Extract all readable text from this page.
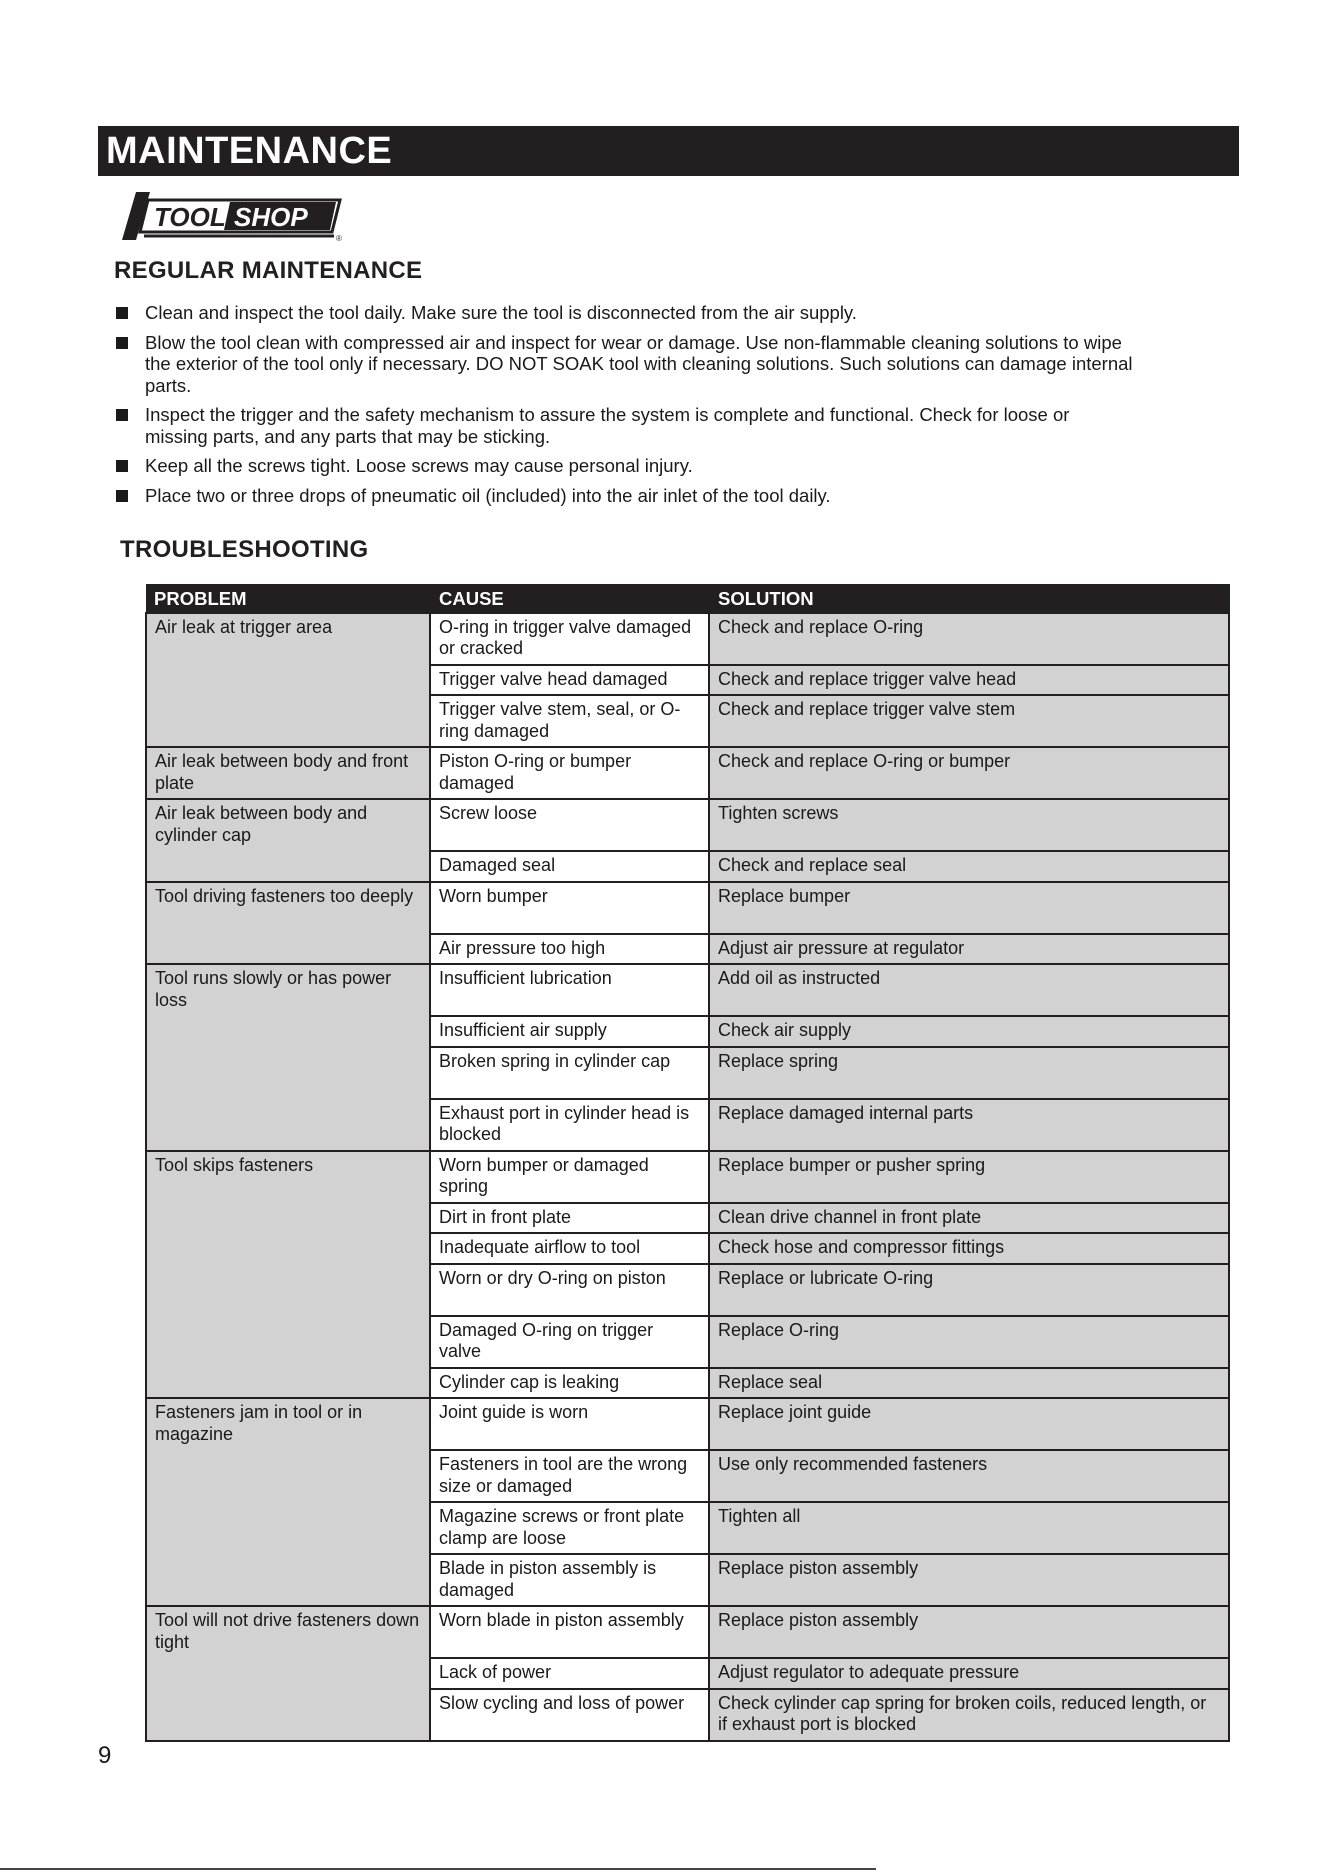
MAINTENANCE
TOOL SHOP
®
REGULAR MAINTENANCE
Clean and inspect the tool daily. Make sure the tool is disconnected from the air supply.
Blow the tool clean with compressed air and inspect for wear or damage. Use non-flammable cleaning solutions to wipe the exterior of the tool only if necessary. DO NOT SOAK tool with cleaning solutions. Such solutions can damage internal parts.
Inspect the trigger and the safety mechanism to assure the system is complete and functional. Check for loose or missing parts, and any parts that may be sticking.
Keep all the screws tight. Loose screws may cause personal injury.
Place two or three drops of pneumatic oil (included) into the air inlet of the tool daily.
TROUBLESHOOTING
PROBLEM	CAUSE	SOLUTION
Air leak at trigger area	O-ring in trigger valve damaged or cracked	Check and replace O-ring
	Trigger valve head damaged	Check and replace trigger valve head
	Trigger valve stem, seal, or O-ring damaged	Check and replace trigger valve stem
Air leak between body and front plate	Piston O-ring or bumper damaged	Check and replace O-ring or bumper
Air leak between body and cylinder cap	Screw loose	Tighten screws
	Damaged seal	Check and replace seal
Tool driving fasteners too deeply	Worn bumper	Replace bumper
	Air pressure too high	Adjust air pressure at regulator
Tool runs slowly or has power loss	Insufficient lubrication	Add oil as instructed
	Insufficient air supply	Check air supply
	Broken spring in cylinder cap	Replace spring
	Exhaust port in cylinder head is blocked	Replace damaged internal parts
Tool skips fasteners	Worn bumper or damaged spring	Replace bumper or pusher spring
	Dirt in front plate	Clean drive channel in front plate
	Inadequate airflow to tool	Check hose and compressor fittings
	Worn or dry O-ring on piston	Replace or lubricate O-ring
	Damaged O-ring on trigger valve	Replace O-ring
	Cylinder cap is leaking	Replace seal
Fasteners jam in tool or in magazine	Joint guide is worn	Replace joint guide
	Fasteners in tool are the wrong size or damaged	Use only recommended fasteners
	Magazine screws or front plate clamp are loose	Tighten all
	Blade in piston assembly is damaged	Replace piston assembly
Tool will not drive fasteners down tight	Worn blade in piston assembly	Replace piston assembly
	Lack of power	Adjust regulator to adequate pressure
	Slow cycling and loss of power	Check cylinder cap spring for broken coils, reduced length, or if exhaust port is blocked
9
